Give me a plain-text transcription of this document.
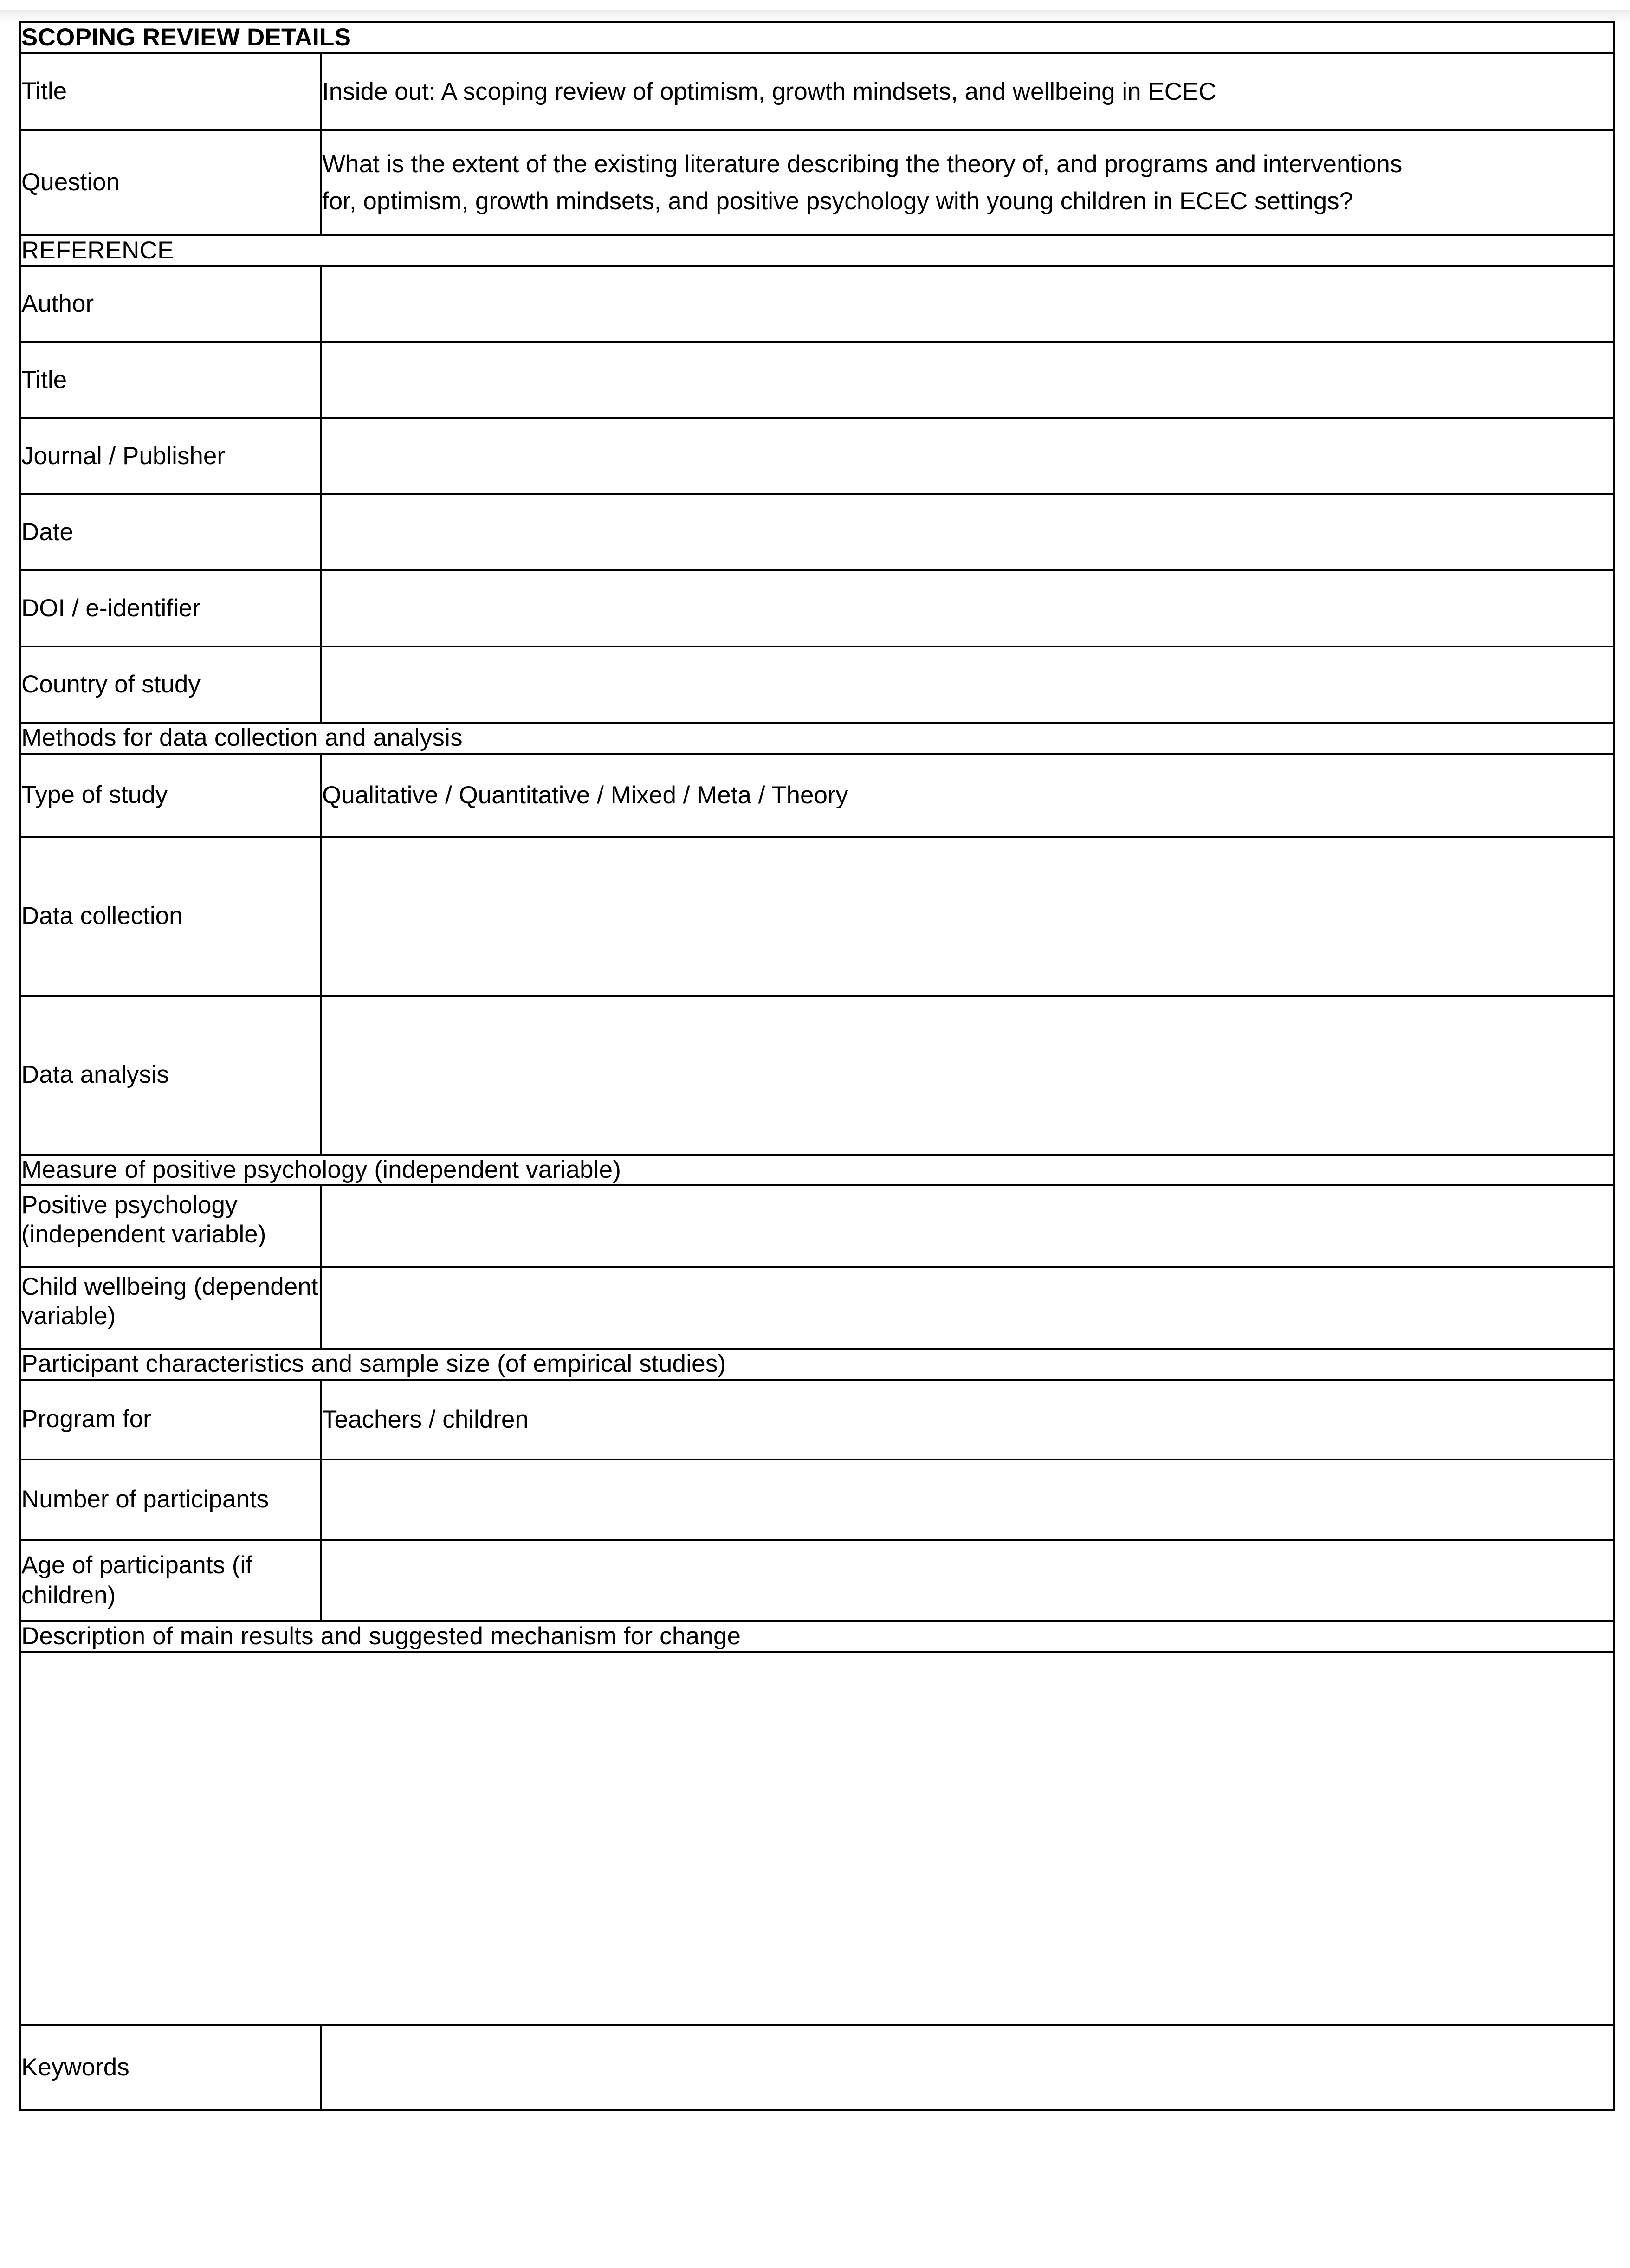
SCOPING REVIEW DETAILS	
Title	Inside out: A scoping review of optimism, growth mindsets, and wellbeing in ECEC
Question	What is the extent of the existing literature describing the theory of, and programs and interventions
for, optimism, growth mindsets, and positive psychology with young children in ECEC settings?

REFERENCE	
Author	
Title	
Journal / Publisher	
Date	
DOI / e-identifier	
Country of study	
Methods for data collection and analysis	
Type of study	Qualitative / Quantitative / Mixed / Meta / Theory
Data collection	
Data analysis	
Measure of positive psychology (independent variable)	
Positive psychology (independent variable)	
Child wellbeing (dependent variable)	
Participant characteristics and sample size (of empirical studies)	
Program for	Teachers / children
Number of participants	
Age of participants (if children)	
Description of main results and suggested mechanism for change	

Keywords	
